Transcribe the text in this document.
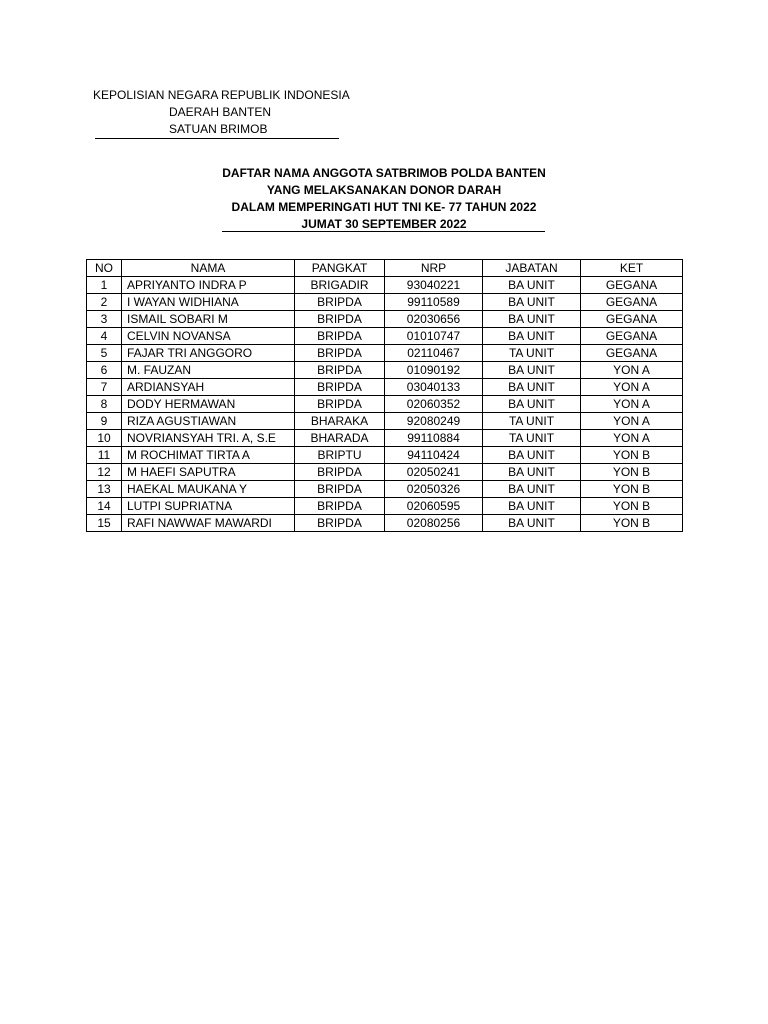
KEPOLISIAN NEGARA REPUBLIK INDONESIA
DAERAH BANTEN
SATUAN BRIMOB
DAFTAR NAMA ANGGOTA SATBRIMOB POLDA BANTEN
YANG MELAKSANAKAN DONOR DARAH
DALAM MEMPERINGATI HUT TNI KE- 77 TAHUN 2022
JUMAT 30 SEPTEMBER 2022
NO	NAMA	PANGKAT	NRP	JABATAN	KET
1	APRIYANTO INDRA P	BRIGADIR	93040221	BA UNIT	GEGANA
2	I WAYAN WIDHIANA	BRIPDA	99110589	BA UNIT	GEGANA
3	ISMAIL SOBARI M	BRIPDA	02030656	BA UNIT	GEGANA
4	CELVIN NOVANSA	BRIPDA	01010747	BA UNIT	GEGANA
5	FAJAR TRI ANGGORO	BRIPDA	02110467	TA UNIT	GEGANA
6	M. FAUZAN	BRIPDA	01090192	BA UNIT	YON A
7	ARDIANSYAH	BRIPDA	03040133	BA UNIT	YON A
8	DODY HERMAWAN	BRIPDA	02060352	BA UNIT	YON A
9	RIZA AGUSTIAWAN	BHARAKA	92080249	TA UNIT	YON A
10	NOVRIANSYAH TRI. A, S.E	BHARADA	99110884	TA UNIT	YON A
11	M ROCHIMAT TIRTA A	BRIPTU	94110424	BA UNIT	YON B
12	M HAEFI SAPUTRA	BRIPDA	02050241	BA UNIT	YON B
13	HAEKAL MAUKANA Y	BRIPDA	02050326	BA UNIT	YON B
14	LUTPI SUPRIATNA	BRIPDA	02060595	BA UNIT	YON B
15	RAFI NAWWAF MAWARDI	BRIPDA	02080256	BA UNIT	YON B
